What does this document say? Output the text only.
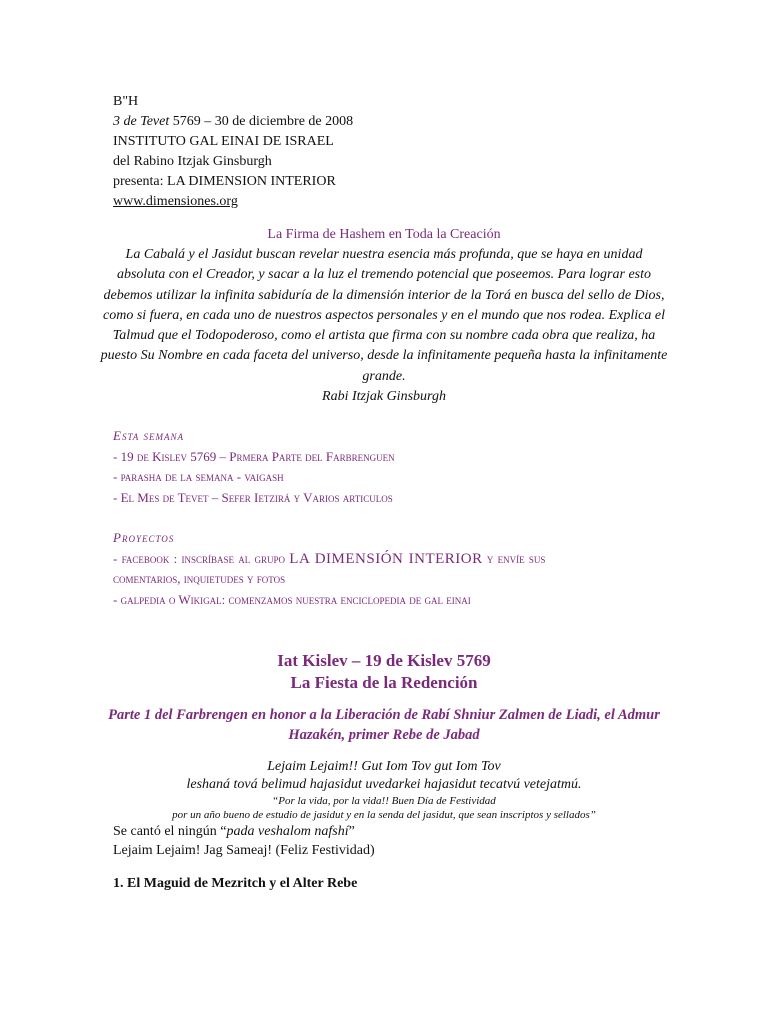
B"H
3 de Tevet 5769 – 30 de diciembre de 2008
INSTITUTO GAL EINAI DE ISRAEL
del Rabino Itzjak Ginsburgh
presenta: LA DIMENSION INTERIOR
www.dimensiones.org
La Firma de Hashem en Toda la Creación
La Cabalá y el Jasidut buscan revelar nuestra esencia más profunda, que se haya en unidad absoluta con el Creador, y sacar a la luz el tremendo potencial que poseemos. Para lograr esto debemos utilizar la infinita sabiduría de la dimensión interior de la Torá en busca del sello de Dios, como si fuera, en cada uno de nuestros aspectos personales y en el mundo que nos rodea. Explica el Talmud que el Todopoderoso, como el artista que firma con su nombre cada obra que realiza, ha puesto Su Nombre en cada faceta del universo, desde la infinitamente pequeña hasta la infinitamente grande.
Rabi Itzjak Ginsburgh
Esta semana
- 19 de Kislev 5769 – Prmera Parte del Farbrenguen
- parasha de la semana - vaigash
- El Mes de Tevet – Sefer Ietzirá y Varios articulos
Proyectos
- facebook : inscríbase al grupo LA DIMENSIÓN INTERIOR y envíe sus
comentarios, inquietudes y fotos
- galpedia o Wikigal: comenzamos nuestra enciclopedia de gal einai
Iat Kislev – 19 de Kislev 5769
La Fiesta de la Redención
Parte 1 del Farbrengen en honor a la Liberación de Rabí Shniur Zalmen de Liadi, el Admur Hazakén, primer Rebe de Jabad
Lejaim Lejaim!! Gut Iom Tov gut Iom Tov
leshaná tová belimud hajasidut uvedarkei hajasidut tecatvú vetejatmú.
“Por la vida, por la vida!! Buen Día de Festividad
por un año bueno de estudio de jasidut y en la senda del jasidut, que sean inscriptos y sellados”
Se cantó el ningún “pada veshalom nafshí”
Lejaim Lejaim! Jag Sameaj! (Feliz Festividad)
1. El Maguid de Mezritch y el Alter Rebe
